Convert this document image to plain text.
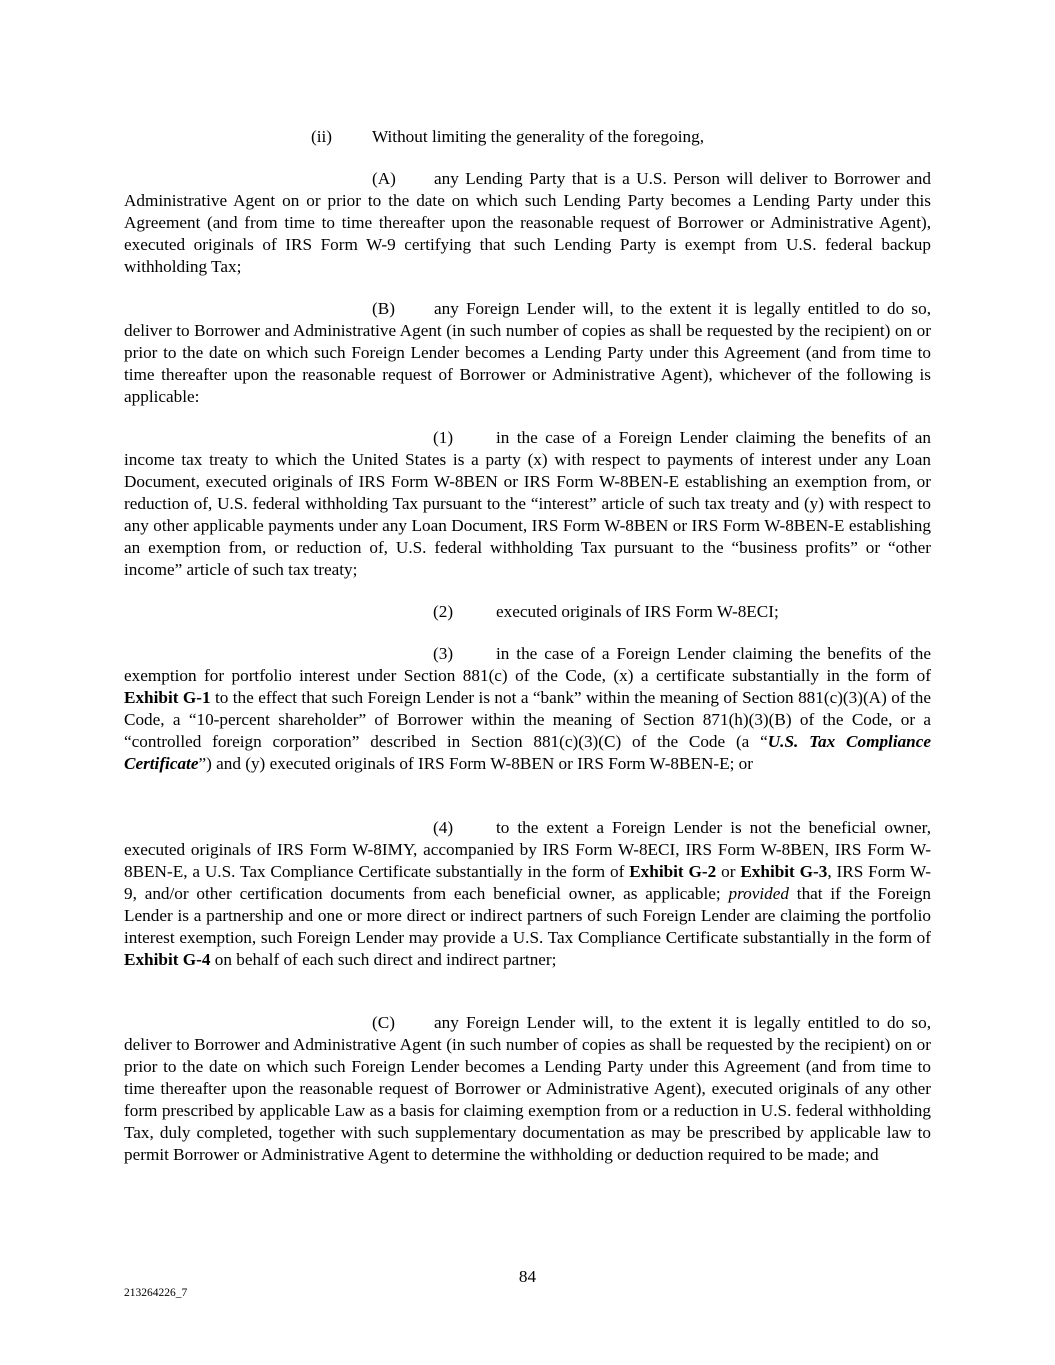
(ii) Without limiting the generality of the foregoing,

(A) any Lending Party that is a U.S. Person will deliver to Borrower and Administrative Agent on or prior to the date on which such Lending Party becomes a Lending Party under this Agreement (and from time to time thereafter upon the reasonable request of Borrower or Administrative Agent), executed originals of IRS Form W-9 certifying that such Lending Party is exempt from U.S. federal backup withholding Tax;

(B) any Foreign Lender will, to the extent it is legally entitled to do so, deliver to Borrower and Administrative Agent (in such number of copies as shall be requested by the recipient) on or prior to the date on which such Foreign Lender becomes a Lending Party under this Agreement (and from time to time thereafter upon the reasonable request of Borrower or Administrative Agent), whichever of the following is applicable:

(1) in the case of a Foreign Lender claiming the benefits of an income tax treaty to which the United States is a party (x) with respect to payments of interest under any Loan Document, executed originals of IRS Form W-8BEN or IRS Form W-8BEN-E establishing an exemption from, or reduction of, U.S. federal withholding Tax pursuant to the “interest” article of such tax treaty and (y) with respect to any other applicable payments under any Loan Document, IRS Form W-8BEN or IRS Form W-8BEN-E establishing an exemption from, or reduction of, U.S. federal withholding Tax pursuant to the “business profits” or “other income” article of such tax treaty;

(2) executed originals of IRS Form W-8ECI;

(3) in the case of a Foreign Lender claiming the benefits of the exemption for portfolio interest under Section 881(c) of the Code, (x) a certificate substantially in the form of Exhibit G-1 to the effect that such Foreign Lender is not a “bank” within the meaning of Section 881(c)(3)(A) of the Code, a “10-percent shareholder” of Borrower within the meaning of Section 871(h)(3)(B) of the Code, or a “controlled foreign corporation” described in Section 881(c)(3)(C) of the Code (a “U.S. Tax Compliance Certificate”) and (y) executed originals of IRS Form W-8BEN or IRS Form W-8BEN-E; or

(4) to the extent a Foreign Lender is not the beneficial owner, executed originals of IRS Form W-8IMY, accompanied by IRS Form W-8ECI, IRS Form W-8BEN, IRS Form W-8BEN-E, a U.S. Tax Compliance Certificate substantially in the form of Exhibit G-2 or Exhibit G-3, IRS Form W-9, and/or other certification documents from each beneficial owner, as applicable; provided that if the Foreign Lender is a partnership and one or more direct or indirect partners of such Foreign Lender are claiming the portfolio interest exemption, such Foreign Lender may provide a U.S. Tax Compliance Certificate substantially in the form of Exhibit G-4 on behalf of each such direct and indirect partner;

(C) any Foreign Lender will, to the extent it is legally entitled to do so, deliver to Borrower and Administrative Agent (in such number of copies as shall be requested by the recipient) on or prior to the date on which such Foreign Lender becomes a Lending Party under this Agreement (and from time to time thereafter upon the reasonable request of Borrower or Administrative Agent), executed originals of any other form prescribed by applicable Law as a basis for claiming exemption from or a reduction in U.S. federal withholding Tax, duly completed, together with such supplementary documentation as may be prescribed by applicable law to permit Borrower or Administrative Agent to determine the withholding or deduction required to be made; and

84
213264226_7
